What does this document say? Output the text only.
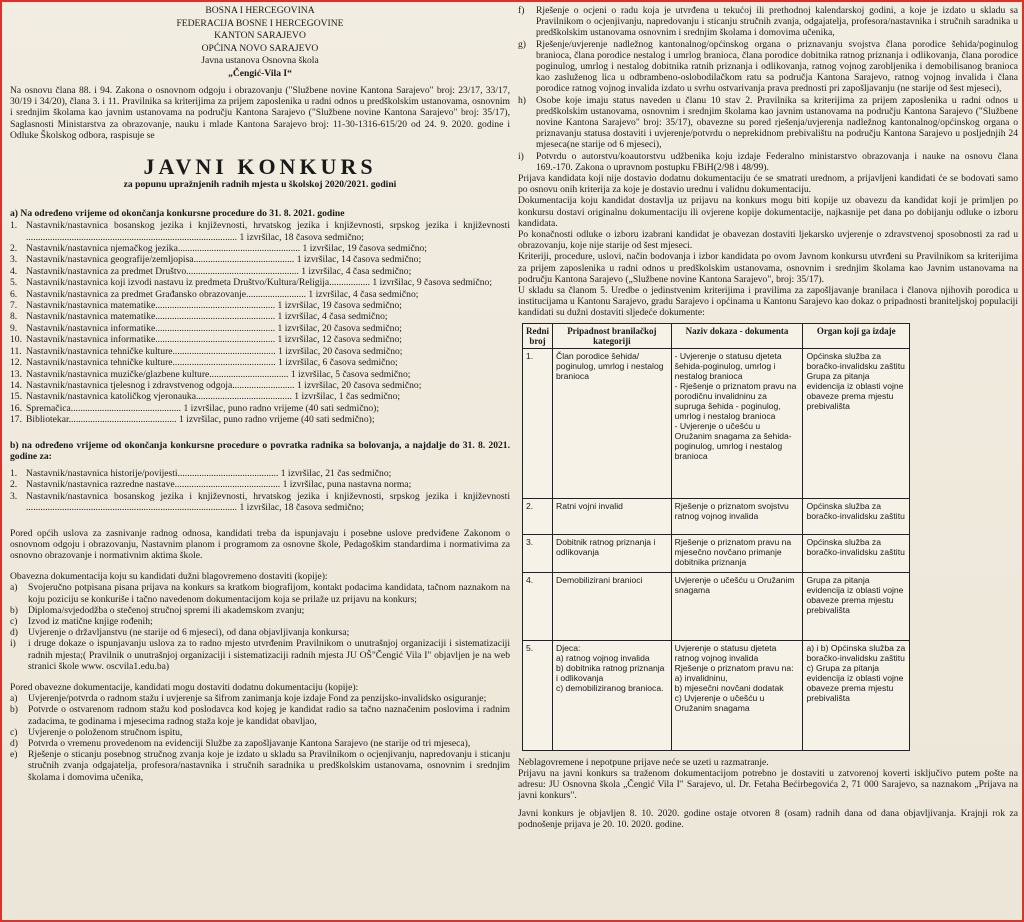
BOSNA I HERCEGOVINA
FEDERACIJA BOSNE I HERCEGOVINE
KANTON SARAJEVO
OPĆINA NOVO SARAJEVO
Javna ustanova Osnovna škola
„Čengić-Vila I“

Na osnovu člana 88. i 94. Zakona o osnovnom odgoju i obrazovanju ("Službene novine Kantona Sarajevo" broj: 23/17, 33/17, 30/19 i 34/20), člana 3. i 11. Pravilnika sa kriterijima za prijem zaposlenika u radni odnos u predškolskim ustanovama, osnovnim i srednjim školama kao javnim ustanovama na području Kantona Sarajevo ("Službene novine Kantona Sarajevo" broj: 35/17), Saglasnosti Ministarstva za obrazovanje, nauku i mlade Kantona Sarajevo broj: 11-30-1316-615/20 od 24. 9. 2020. godine i Odluke Školskog odbora, raspisuje se

JAVNI KONKURS
za popunu upražnjenih radnih mjesta u školskoj 2020/2021. godini
a) Na određeno vrijeme od okončanja konkursne procedure do 31. 8. 2021. godine
1. Nastavnik/nastavnica bosanskog jezika i književnosti, hrvatskog jezika i književnosti, srpskog jezika i književnosti ........................................................................................ 1 izvršilac, 18 časova sedmično;
2. Nastavnik/nastavnica njemačkog jezika................................................... 1 izvršilac, 19 časova sedmično;
3. Nastavnik/nastavnica geografije/zemljopisa.......................................... 1 izvršilac, 14 časova sedmično;
4. Nastavnik/nastavnica za predmet Društvo............................................... 1 izvršilac, 4 časa sedmično;
5. Nastavnik/nastavnica koji izvodi nastavu iz predmeta Društvo/Kultura/Religija................. 1 izvršilac, 9 časova sedmično;
6. Nastavnik/nastavnica za predmet Građansko obrazovanje......................... 1 izvršilac, 4 časa sedmično;
7. Nastavnik/nastavnica matematike.................................................. 1 izvršilac, 19 časova sedmično;
8. Nastavnik/nastavnica matematike.................................................. 1 izvršilac, 4 časa sedmično;
9. Nastavnik/nastavnica informatike.................................................. 1 izvršilac, 20 časova sedmično;
10. Nastavnik/nastavnica informatike.................................................. 1 izvršilac, 12 časova sedmično;
11. Nastavnik/nastavnica tehničke kulture........................................... 1 izvršilac, 20 časova sedmično;
12. Nastavnik/nastavnica tehničke kulture........................................... 1 izvršilac, 6 časova sedmično;
13. Nastavnik/nastavnica muzičke/glazbene kulture................................. 1 izvršilac, 5 časova sedmično;
14. Nastavnik/nastavnica tjelesnog i zdravstvenog odgoja.......................... 1 izvršilac, 20 časova sedmično;
15. Nastavnik/nastavnica katoličkog vjeronauka........................................ 1 izvršilac, 1 čas sedmično;
16. Spremačica.............................................. 1 izvršilac, puno radno vrijeme (40 sati sedmično);
17. Bibliotekar............................................. 1 izvršilac, puno radno vrijeme (40 sati sedmično);
b) na određeno vrijeme od okončanja konkursne procedure o povratka radnika sa bolovanja, a najdalje do 31. 8. 2021. godine za:
1. Nastavnik/nastavnica historije/povijesti.......................................... 1 izvršilac, 21 čas sedmično;
2. Nastavnik/nastavnica razredne nastave............................................ 1 izvršilac, puna nastavna norma;
3. Nastavnik/nastavnica bosanskog jezika i književnosti, hrvatskog jezika i književnosti, srpskog jezika i književnosti ........................................................................................ 1 izvršilac, 18 časova sedmično;

Pored općih uslova za zasnivanje radnog odnosa, kandidati treba da ispunjavaju i posebne uslove predviđene Zakonom o osnovnom odgoju i obrazovanju, Nastavnim planom i programom za osnovne škole, Pedagoškim standardima i normativima za osnovno obrazovanje i normativnim aktima škole.

Obavezna dokumentacija koju su kandidati dužni blagovremeno dostaviti (kopije):

a)	Svojeručno potpisana pisana prijava na konkurs sa kratkom biografijom, kontakt podacima kandidata, tačnom naznakom na koju poziciju se konkuriše i tačno navedenom dokumentacijom koja se prilaže uz prijavu na konkurs;
b)	Diploma/svjedodžba o stečenoj stručnoj spremi ili akademskom zvanju;
c)	Izvod iz matične knjige rođenih;
d)	Uvjerenje o državljanstvu (ne starije od 6 mjeseci), od dana objavljivanja konkursa;
i)	i druge dokaze o ispunjavanju uslova za to radno mjesto utvrđenim Pravilnikom o unutrašnjoj organizaciji i sistematizaciji radnih mjesta;( Pravilnik o unutrašnjoj organizaciji i sistematizaciji radnih mjesta JU OŠ"Čengić Vila I" objavljen je na web stranici škole www. oscvila1.edu.ba)

Pored obavezne dokumentacije, kandidati mogu dostaviti dodatnu dokumentaciju (kopije):

a)	Uvjerenje/potvrda o radnom stažu i uvjerenje sa šifrom zanimanja koje izdaje Fond za penzijsko-invalidsko osiguranje;
b)	Potvrde o ostvarenom radnom stažu kod poslodavca kod kojeg je kandidat radio sa tačno naznačenim poslovima i radnim zadacima, te godinama i mjesecima radnog staža koje je kandidat obavljao,
c)	Uvjerenje o položenom stručnom ispitu,
d)	Potvrda o vremenu provedenom na evidenciji Službe za zapošljavanje Kantona Sarajevo (ne starije od tri mjeseca),
e)	Rješenje o sticanju posebnog stručnog zvanja koje je izdato u skladu sa Pravilnikom o ocjenjivanju, napredovanju i sticanju stručnih zvanja odgajatelja, profesora/nastavnika i stručnih saradnika u predškolskim ustanovama, osnovnim i srednjim školama i domovima učenika,
f)	Rješenje o ocjeni o radu koja je utvrđena u tekućoj ili prethodnoj kalendarskoj godini, a koje je izdato u skladu sa Pravilnikom o ocjenjivanju, napredovanju i sticanju stručnih zvanja, odgajatelja, profesora/nastavnika i stručnih saradnika u predškolskim ustanovama osnovnim i srednjim školama i domovima učenika,
g)	Rješenje/uvjerenje nadležnog kantonalnog/općinskog organa o priznavanju svojstva člana porodice šehida/poginulog branioca, člana porodice nestalog i umrlog branioca, člana porodice dobitnika ratnog priznanja i odlikovanja, člana porodice poginulog, umrlog i nestalog dobitnika ratnih priznanja i odlikovanja, ratnog vojnog zarobljenika i demobilisanog branioca kao zasluženog lica u odbrambeno-oslobodilačkom ratu sa područja Kantona Sarajevo, ratnog vojnog invalida i člana porodice ratnog vojnog invalida izdato u svrhu ostvarivanja prava prednosti pri zapošljavanju (ne starije od šest mjeseci),
h)	Osobe koje imaju status naveden u članu 10 stav 2. Pravilnika sa kriterijima za prijem zaposlenika u radni odnos u predškolskim ustanovama, osnovnim i srednjim školama kao javnim ustanovama na području Kantona Sarajevo ("Službene novine Kantona Sarajevo" broj: 35/17), obavezne su pored rješenja/uvjerenja nadležnog kantonalnog/općinskog organa o priznavanju statusa dostaviti i uvjerenje/potvrdu o neprekidnom prebivalištu na području Kantona Sarajevo u posljednjih 24 mjeseca(ne starije od 6 mjeseci),
i)	Potvrdu o autorstvu/koautorstvu udžbenika koju izdaje Federalno ministarstvo obrazovanja i nauke na osnovu člana 169.-170. Zakona o upravnom postupku FBiH(2/98 i 48/99).

Prijava kandidata koji nije dostavio dodatnu dokumentaciju će se smatrati urednom, a prijavljeni kandidati će se bodovati samo po osnovu onih kriterija za koje je dostavio urednu i validnu dokumentaciju.

Dokumentacija koju kandidat dostavlja uz prijavu na konkurs mogu biti kopije uz obavezu da kandidat koji je primljen po konkursu dostavi originalnu dokumentaciju ili ovjerene kopije dokumentacije, najkasnije pet dana po dobijanju odluke o izboru kandidata.

Po konačnosti odluke o izboru izabrani kandidat je obavezan dostaviti ljekarsko uvjerenje o zdravstvenoj sposobnosti za rad u obrazovanju, koje nije starije od šest mjeseci.

Kriteriji, procedure, uslovi, način bodovanja i izbor kandidata po ovom Javnom konkursu utvrđeni su Pravilnikom sa kriterijima za prijem zaposlenika u radni odnos u predškolskim ustanovama, osnovnim i srednjim školama kao Javnim ustanovama na području Kantona Sarajevo („Službene novine Kantona Sarajevo", broj: 35/17).

U skladu sa članom 5. Uredbe o jedinstvenim kriterijima i pravilima za zapošljavanje branilaca i članova njihovih porodica u institucijama u Kantonu Sarajevo, gradu Sarajevo i općinama u Kantonu Sarajevo kao dokaz o pripadnosti braniteljskoj populaciji kandidati su dužni dostaviti sljedeće dokumente:

Redni broj	Pripadnost branilačkoj kategoriji	Naziv dokaza - dokumenta	Organ koji ga izdaje
1.	Član porodice šehida/ poginulog, umrlog i nestalog branioca	- Uvjerenje o statusu djeteta šehida-poginulog, umrlog i nestalog branioca
- Rješenje o priznatom pravu na porodičnu invalidninu za supruga šehida - poginulog, umrlog i nestalog branioca
- Uvjerenje o učešću u Oružanim snagama za šehida-poginulog, umrlog i nestalog branioca	Općinska služba za boračko-invalidsku zaštitu
Grupa za pitanja evidencija iz oblasti vojne obaveze prema mjestu prebivališta
2.	Ratni vojni invalid	Rješenje o priznatom svojstvu ratnog vojnog invalida	Općinska služba za boračko-invalidsku zaštitu
3.	Dobitnik ratnog priznanja i odlikovanja	Rješenje o priznatom pravu na mjesečno novčano primanje dobitnika priznanja	Općinska služba za boračko-invalidsku zaštitu
4.	Demobilizirani branioci	Uvjerenje o učešću u Oružanim snagama	Grupa za pitanja evidencija iz oblasti vojne obaveze prema mjestu prebivališta
5.	Djeca:
a) ratnog vojnog invalida
b) dobitnika ratnog priznanja i odlikovanja
c) demobiliziranog branioca.	Uvjerenje o statusu djeteta ratnog vojnog invalida
Rješenje o priznatom pravu na:
a) invalidninu,
b) mjesečni novčani dodatak
c) Uvjerenje o učešću u Oružanim snagama	a) i b) Općinska služba za boračko-invalidsku zaštitu
c) Grupa za pitanja evidencija iz oblasti vojne obaveze prema mjestu prebivališta

Neblagovremene i nepotpune prijave neće se uzeti u razmatranje.

Prijavu na javni konkurs sa traženom dokumentacijom potrebno je dostaviti u zatvorenoj koverti isključivo putem pošte na adresu: JU Osnovna škola „Čengić Vila I" Sarajevo, ul. Dr. Fetaha Bećirbegovića 2, 71 000 Sarajevo, sa naznakom „Prijava na javni konkurs".

Javni konkurs je objavljen 8. 10. 2020. godine ostaje otvoren 8 (osam) radnih dana od dana objavljivanja. Krajnji rok za podnošenje prijava je 20. 10. 2020. godine.
